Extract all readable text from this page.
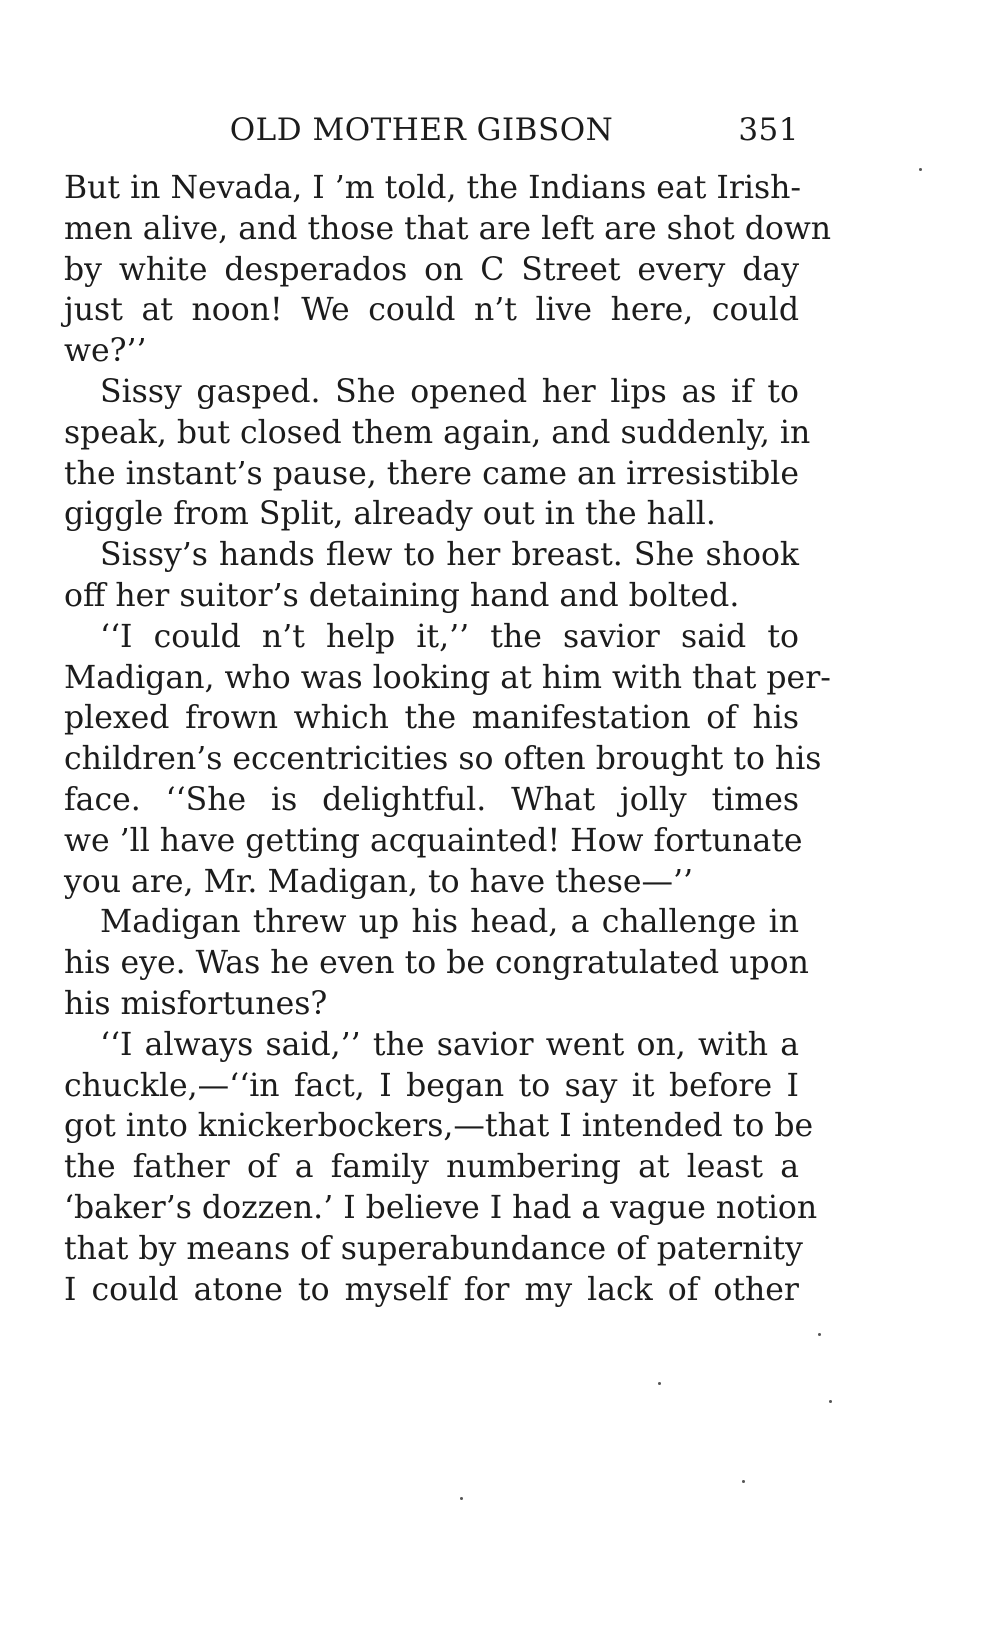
OLD MOTHER GIBSON	351
But in Nevada, I ’m told, the Indians eat Irish-
men alive, and those that are left are shot down
by white desperados on C Street every day
just at noon! We could n’t live here, could
we?’’
Sissy gasped. She opened her lips as if to
speak, but closed them again, and suddenly, in
the instant’s pause, there came an irresistible
giggle from Split, already out in the hall.
Sissy’s hands flew to her breast. She shook
off her suitor’s detaining hand and bolted.
‘‘I could n’t help it,’’ the savior said to
Madigan, who was looking at him with that per-
plexed frown which the manifestation of his
children’s eccentricities so often brought to his
face. ‘‘She is delightful. What jolly times
we ’ll have getting acquainted! How fortunate
you are, Mr. Madigan, to have these—’’
Madigan threw up his head, a challenge in
his eye. Was he even to be congratulated upon
his misfortunes?
‘‘I always said,’’ the savior went on, with a
chuckle,—‘‘in fact, I began to say it before I
got into knickerbockers,—that I intended to be
the father of a family numbering at least a
‘baker’s dozzen.’ I believe I had a vague notion
that by means of superabundance of paternity
I could atone to myself for my lack of other
